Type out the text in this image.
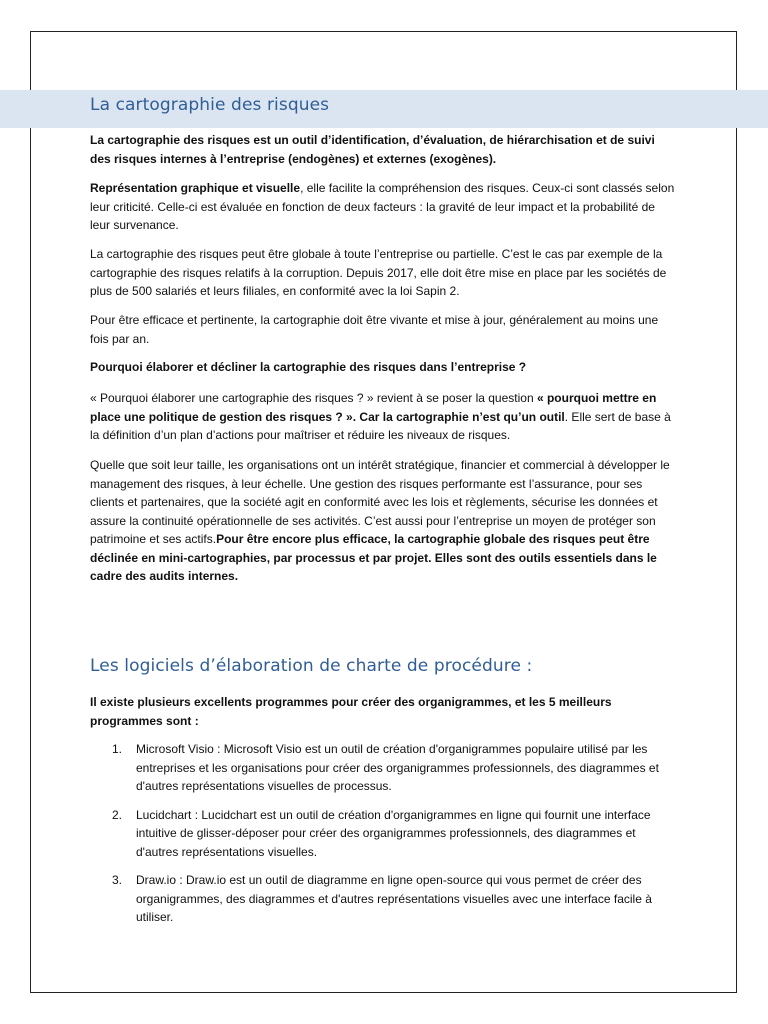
La cartographie des risques

La cartographie des risques est un outil d’identification, d’évaluation, de hiérarchisation et de suivi des risques internes à l’entreprise (endogènes) et externes (exogènes).

Représentation graphique et visuelle, elle facilite la compréhension des risques. Ceux-ci sont classés selon leur criticité. Celle-ci est évaluée en fonction de deux facteurs : la gravité de leur impact et la probabilité de leur survenance.

La cartographie des risques peut être globale à toute l’entreprise ou partielle. C’est le cas par exemple de la cartographie des risques relatifs à la corruption. Depuis 2017, elle doit être mise en place par les sociétés de plus de 500 salariés et leurs filiales, en conformité avec la loi Sapin 2.

Pour être efficace et pertinente, la cartographie doit être vivante et mise à jour, généralement au moins une fois par an.

Pourquoi élaborer et décliner la cartographie des risques dans l’entreprise ?

« Pourquoi élaborer une cartographie des risques ? » revient à se poser la question « pourquoi mettre en place une politique de gestion des risques ? ». Car la cartographie n’est qu’un outil. Elle sert de base à la définition d’un plan d’actions pour maîtriser et réduire les niveaux de risques.

Quelle que soit leur taille, les organisations ont un intérêt stratégique, financier et commercial à développer le management des risques, à leur échelle. Une gestion des risques performante est l’assurance, pour ses clients et partenaires, que la société agit en conformité avec les lois et règlements, sécurise les données et assure la continuité opérationnelle de ses activités. C’est aussi pour l’entreprise un moyen de protéger son patrimoine et ses actifs.Pour être encore plus efficace, la cartographie globale des risques peut être déclinée en mini-cartographies, par processus et par projet. Elles sont des outils essentiels dans le cadre des audits internes.

Les logiciels d’élaboration de charte de procédure :

Il existe plusieurs excellents programmes pour créer des organigrammes, et les 5 meilleurs programmes sont :

1. Microsoft Visio : Microsoft Visio est un outil de création d'organigrammes populaire utilisé par les entreprises et les organisations pour créer des organigrammes professionnels, des diagrammes et d'autres représentations visuelles de processus.
2. Lucidchart : Lucidchart est un outil de création d'organigrammes en ligne qui fournit une interface intuitive de glisser-déposer pour créer des organigrammes professionnels, des diagrammes et d'autres représentations visuelles.
3. Draw.io : Draw.io est un outil de diagramme en ligne open-source qui vous permet de créer des organigrammes, des diagrammes et d'autres représentations visuelles avec une interface facile à utiliser.
